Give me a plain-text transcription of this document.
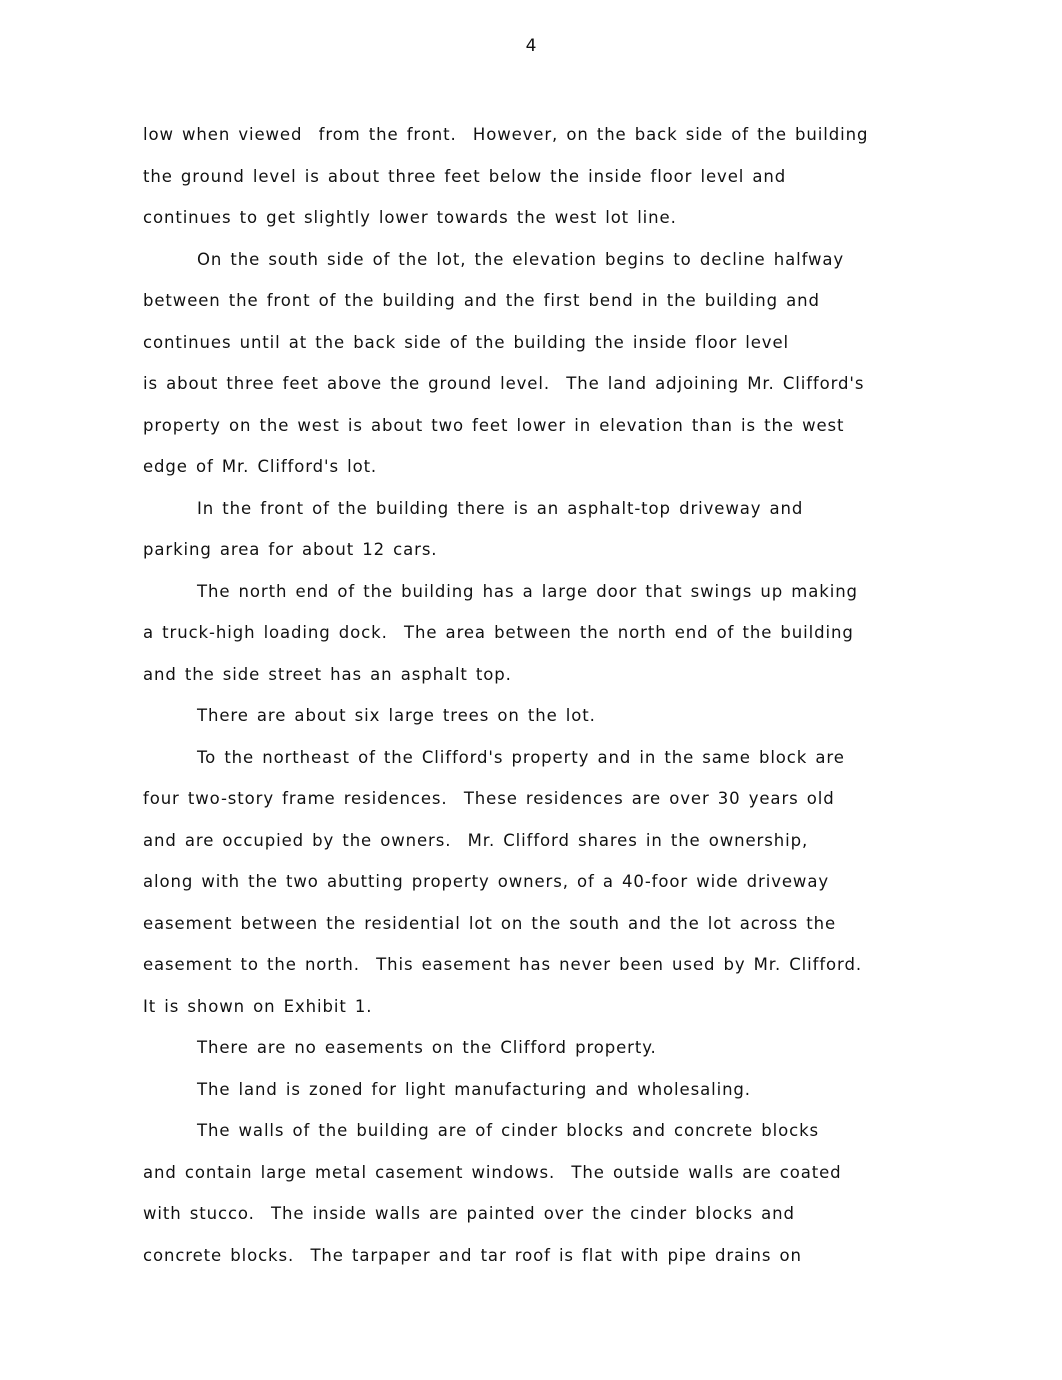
4
low when viewed  from the front.  However, on the back side of the building
the ground level is about three feet below the inside floor level and
continues to get slightly lower towards the west lot line.
On the south side of the lot, the elevation begins to decline halfway
between the front of the building and the first bend in the building and
continues until at the back side of the building the inside floor level
is about three feet above the ground level.  The land adjoining Mr. Clifford's
property on the west is about two feet lower in elevation than is the west
edge of Mr. Clifford's lot.
In the front of the building there is an asphalt-top driveway and
parking area for about 12 cars.
The north end of the building has a large door that swings up making
a truck-high loading dock.  The area between the north end of the building
and the side street has an asphalt top.
There are about six large trees on the lot.
To the northeast of the Clifford's property and in the same block are
four two-story frame residences.  These residences are over 30 years old
and are occupied by the owners.  Mr. Clifford shares in the ownership,
along with the two abutting property owners, of a 40-foor wide driveway
easement between the residential lot on the south and the lot across the
easement to the north.  This easement has never been used by Mr. Clifford.
It is shown on Exhibit 1.
There are no easements on the Clifford property.
The land is zoned for light manufacturing and wholesaling.
The walls of the building are of cinder blocks and concrete blocks
and contain large metal casement windows.  The outside walls are coated
with stucco.  The inside walls are painted over the cinder blocks and
concrete blocks.  The tarpaper and tar roof is flat with pipe drains on
